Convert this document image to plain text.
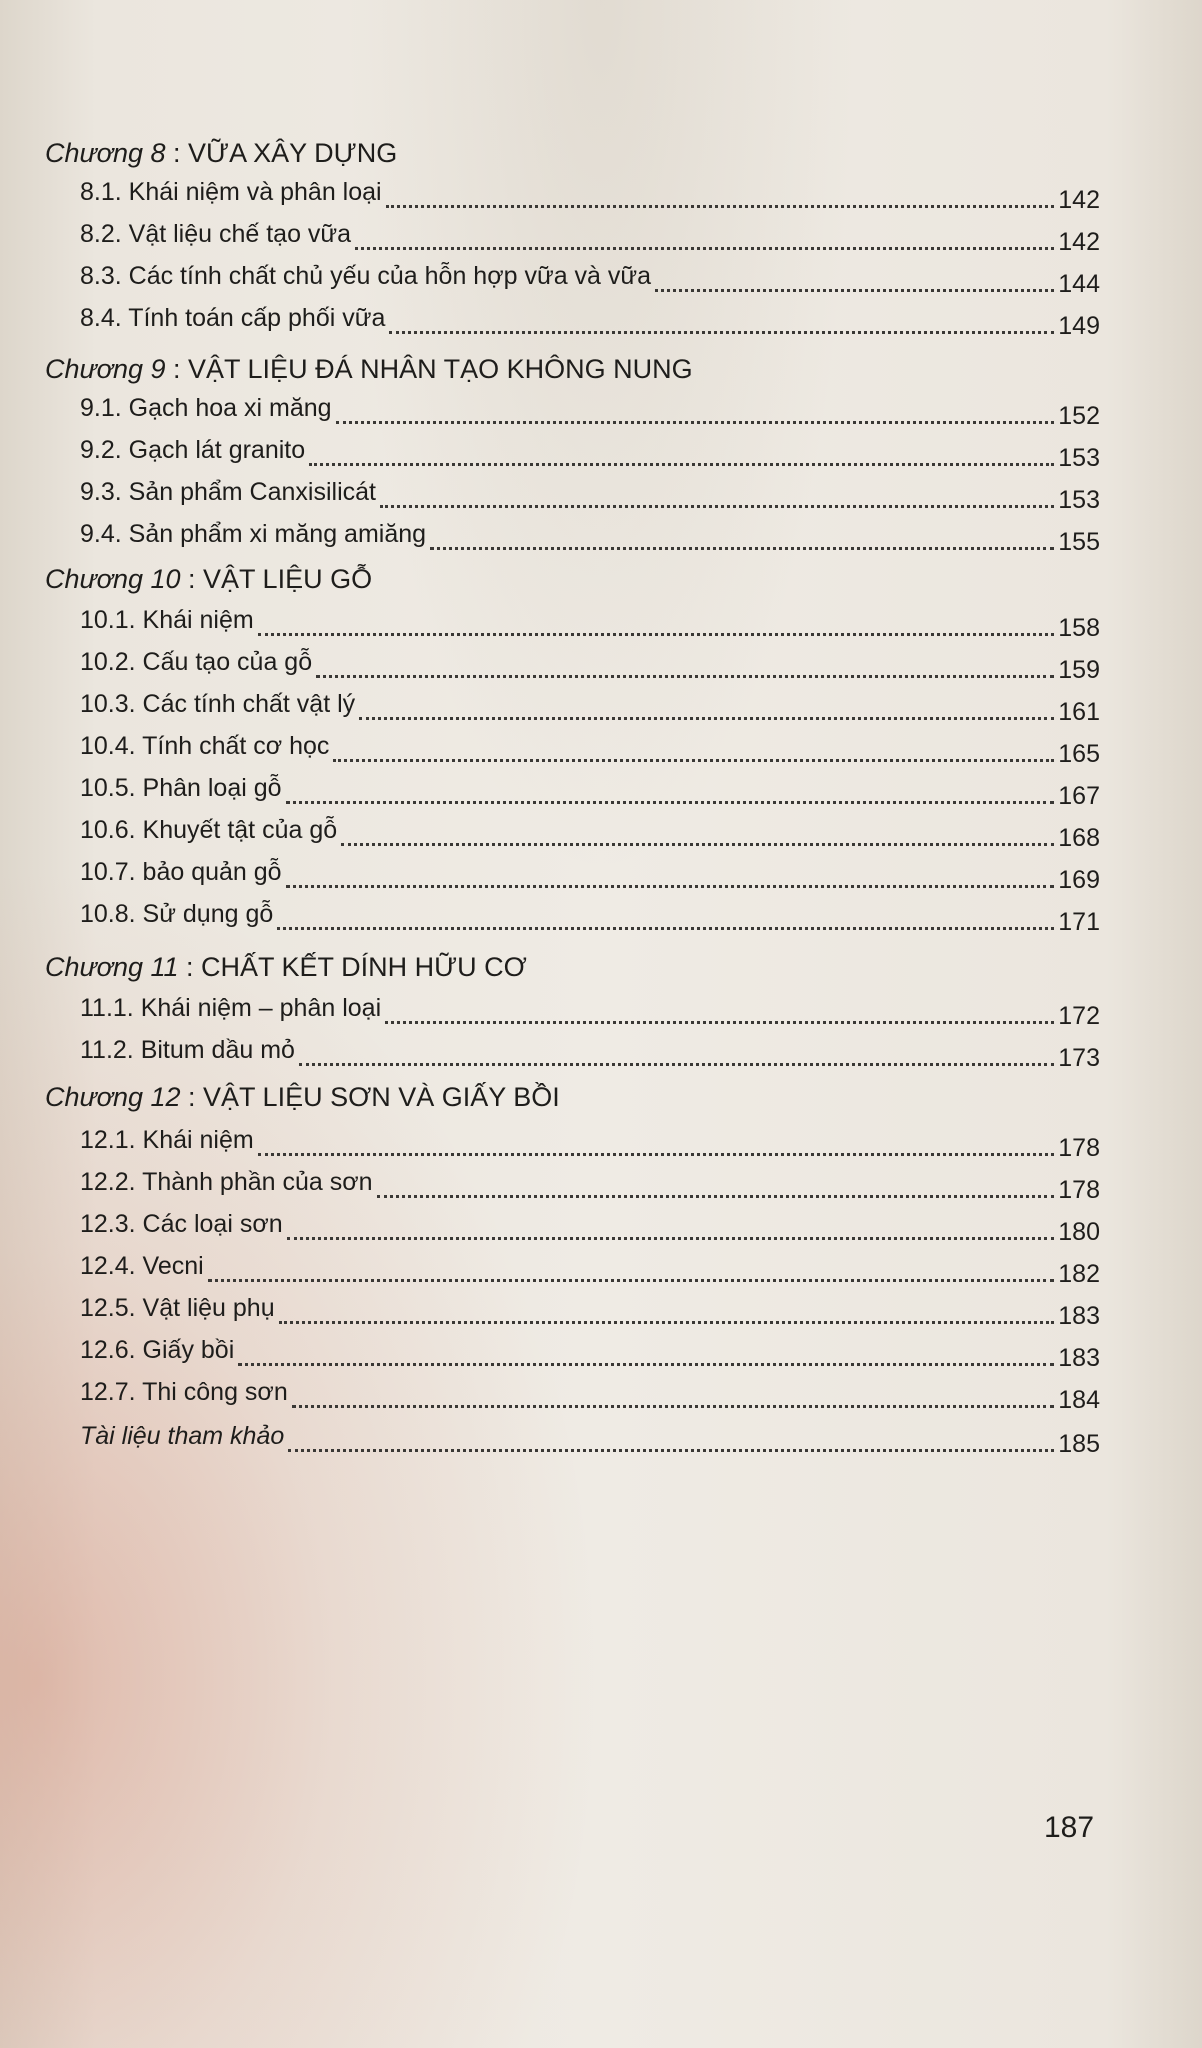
Chương 8 : VỮA XÂY DỰNG
8.1. Khái niệm và phân loại	142
8.2. Vật liệu chế tạo vữa	142
8.3. Các tính chất chủ yếu của hỗn hợp vữa và vữa	144
8.4. Tính toán cấp phối vữa	149
Chương 9 : VẬT LIỆU ĐÁ NHÂN TẠO KHÔNG NUNG
9.1. Gạch hoa xi măng	152
9.2. Gạch lát granito	153
9.3. Sản phẩm Canxisilicát	153
9.4. Sản phẩm xi măng amiăng	155
Chương 10 : VẬT LIỆU GỖ
10.1. Khái niệm	158
10.2. Cấu tạo của gỗ	159
10.3. Các tính chất vật lý	161
10.4. Tính chất cơ học	165
10.5. Phân loại gỗ	167
10.6. Khuyết tật của gỗ	168
10.7. bảo quản gỗ	169
10.8. Sử dụng gỗ	171
Chương 11 : CHẤT KẾT DÍNH HỮU CƠ
11.1. Khái niệm – phân loại	172
11.2. Bitum dầu mỏ	173
Chương 12 : VẬT LIỆU SƠN VÀ GIẤY BỒI
12.1. Khái niệm	178
12.2. Thành phần của sơn	178
12.3. Các loại sơn	180
12.4. Vecni	182
12.5. Vật liệu phụ	183
12.6. Giấy bồi	183
12.7. Thi công sơn	184
Tài liệu tham khảo	185
187
